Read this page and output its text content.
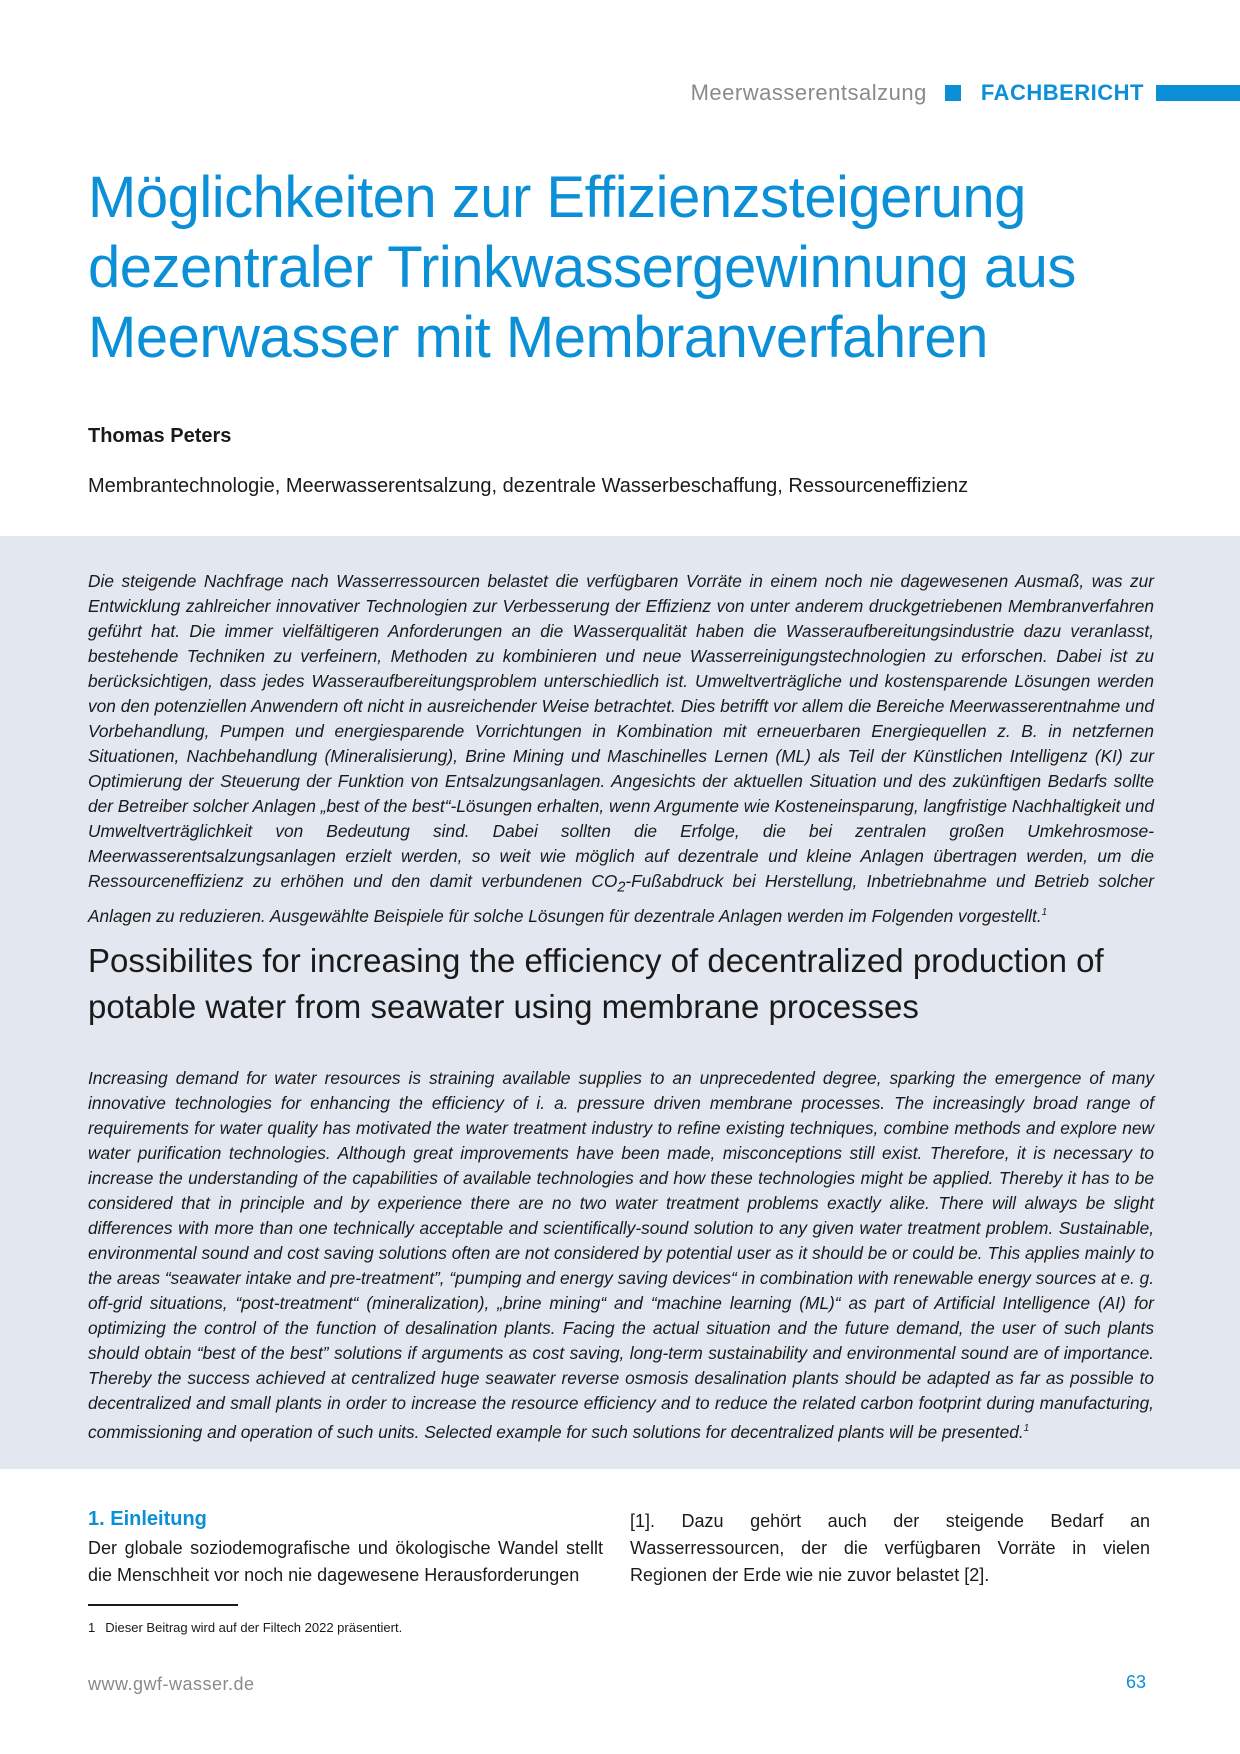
Meerwasserentsalzung FACHBERICHT
Möglichkeiten zur Effizienzsteigerung dezentraler Trinkwassergewinnung aus Meerwasser mit Membranverfahren

Thomas Peters

Membrantechnologie, Meerwasserentsalzung, dezentrale Wasserbeschaffung, Ressourceneffizienz

Die steigende Nachfrage nach Wasserressourcen belastet die verfügbaren Vorräte in einem noch nie dagewesenen Ausmaß, was zur Entwicklung zahlreicher innovativer Technologien zur Verbesserung der Effizienz von unter anderem druckgetriebenen Membranverfahren geführt hat. Die immer vielfältigeren Anforderungen an die Wasserqualität haben die Wasseraufbereitungsindustrie dazu veranlasst, bestehende Techniken zu verfeinern, Methoden zu kombinieren und neue Wasserreinigungstechnologien zu erforschen. Dabei ist zu berücksichtigen, dass jedes Wasseraufbereitungsproblem unterschiedlich ist. Umweltverträgliche und kostensparende Lösungen werden von den potenziellen Anwendern oft nicht in ausreichender Weise betrachtet. Dies betrifft vor allem die Bereiche Meerwasserentnahme und Vorbehandlung, Pumpen und energiesparende Vorrichtungen in Kombination mit erneuerbaren Energiequellen z. B. in netzfernen Situationen, Nachbehandlung (Mineralisierung), Brine Mining und Maschinelles Lernen (ML) als Teil der Künstlichen Intelligenz (KI) zur Optimierung der Steuerung der Funktion von Entsalzungsanlagen. Angesichts der aktuellen Situation und des zukünftigen Bedarfs sollte der Betreiber solcher Anlagen „best of the best“-Lösungen erhalten, wenn Argumente wie Kosteneinsparung, langfristige Nachhaltigkeit und Umweltverträglichkeit von Bedeutung sind. Dabei sollten die Erfolge, die bei zentralen großen Umkehrosmose-Meerwasserentsalzungsanlagen erzielt werden, so weit wie möglich auf dezentrale und kleine Anlagen übertragen werden, um die Ressourceneffizienz zu erhöhen und den damit verbundenen $CO_2$-Fußabdruck bei Herstellung, Inbetriebnahme und Betrieb solcher Anlagen zu reduzieren. Ausgewählte Beispiele für solche Lösungen für dezentrale Anlagen werden im Folgenden vorgestellt.$^1$

Possibilites for increasing the efficiency of decentralized production of potable water from seawater using membrane processes

Increasing demand for water resources is straining available supplies to an unprecedented degree, sparking the emergence of many innovative technologies for enhancing the efficiency of i. a. pressure driven membrane processes. The increasingly broad range of requirements for water quality has motivated the water treatment industry to refine existing techniques, combine methods and explore new water purification technologies. Although great improvements have been made, misconceptions still exist. Therefore, it is necessary to increase the understanding of the capabilities of available technologies and how these technologies might be applied. Thereby it has to be considered that in principle and by experience there are no two water treatment problems exactly alike. There will always be slight differences with more than one technically acceptable and scientifically-sound solution to any given water treatment problem. Sustainable, environmental sound and cost saving solutions often are not considered by potential user as it should be or could be. This applies mainly to the areas “seawater intake and pre-treatment”, “pumping and energy saving devices“ in combination with renewable energy sources at e. g. off-grid situations, “post-treatment“ (mineralization), „brine mining“ and “machine learning (ML)“ as part of Artificial Intelligence (AI) for optimizing the control of the function of desalination plants. Facing the actual situation and the future demand, the user of such plants should obtain “best of the best” solutions if arguments as cost saving, long-term sustainability and environmental sound are of importance. Thereby the success achieved at centralized huge seawater reverse osmosis desalination plants should be adapted as far as possible to decentralized and small plants in order to increase the resource efficiency and to reduce the related carbon footprint during manufacturing, commissioning and operation of such units. Selected example for such solutions for decentralized plants will be presented.$^1$

1. Einleitung

Der globale soziodemografische und ökologische Wandel stellt die Menschheit vor noch nie dagewesene Herausforderungen

[1]. Dazu gehört auch der steigende Bedarf an Wasserressourcen, der die verfügbaren Vorräte in vielen Regionen der Erde wie nie zuvor belastet [2].

1 Dieser Beitrag wird auf der Filtech 2022 präsentiert.

www.gwf-wasser.de	63
